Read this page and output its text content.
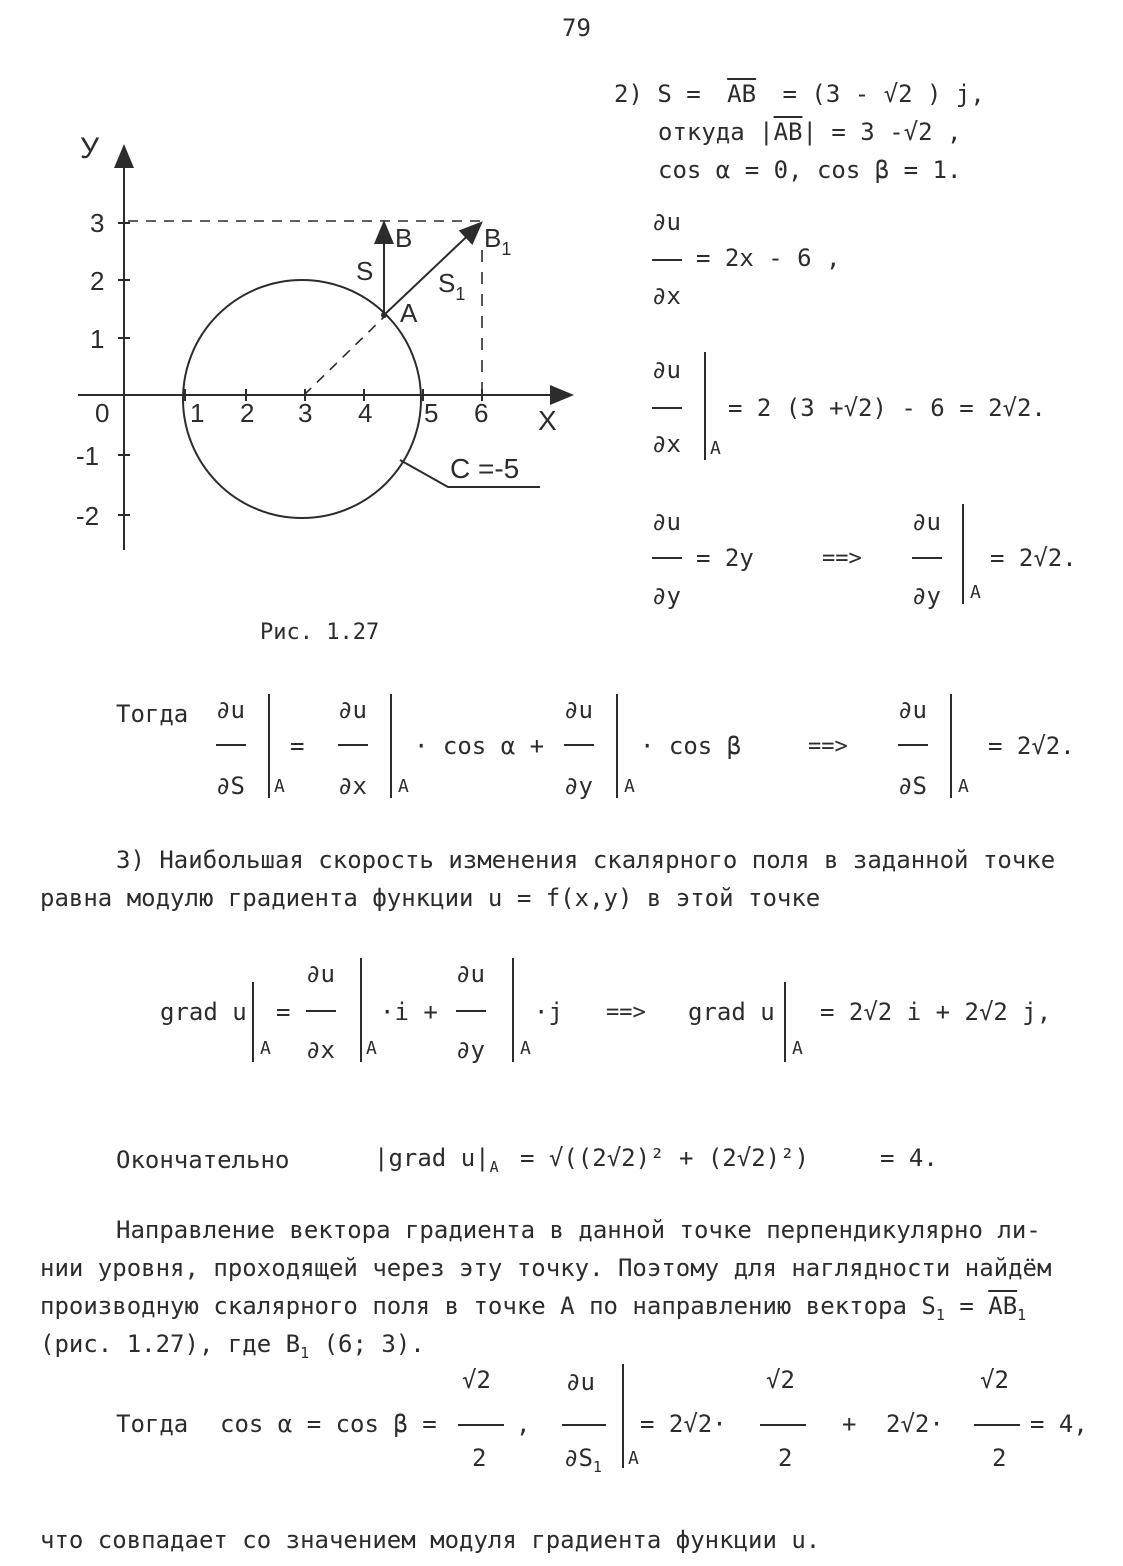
79
У
X
0	1 2 3 4 5 6
3
2
1
-1
-2
B	$B_1$
A
S $S_1$
C =-5
Рис. 1.27
2) $S = \overline{AB} = (3 - √2$ ) j,
откуда $|\overline{AB}| = 3$ -√2 ,
cos α = 0, cos β = 1.
∂u
= 2x - 6 ,
∂x
∂u
∂x A
= 2 (3 +√2) - 6 = 2√2.
∂u
∂y
= 2y	==>
∂u
∂y A
= 2√2.
Тогда ∂u
∂S A
=
∂u
∂x A
· cos α +
∂u
∂y A
· cos β	==>
∂u
∂S A
= 2√2.
3) Наибольшая скорость изменения скалярного поля в заданной точке
равна модулю градиента функции u = f(x,y) в этой точке
grad u
A
=
∂u
∂x A
·i +
∂u
∂y A
·j ==> grad u
A
= 2√2 i + 2√2 j,
Окончательно	|grad $u|_A = √((2√2)^2 + (2√2)^2)$	= 4.
Направление вектора градиента в данной точке перпендикулярно ли-
нии уровня, проходящей через эту точку. Поэтому для наглядности найдём
производную скалярного поля в точке А по направлению вектора $S_1 = \overline{AB}_1$
(рис. 1.27), где $B_1$ (6; 3).
Тогда cos α = cos β =
√2
2
,
∂u
$\partial S_1$ A
= 2√2·
√2
2
+ 2√2·
√2
2
= 4,
что совпадает со значением модуля градиента функции u.
